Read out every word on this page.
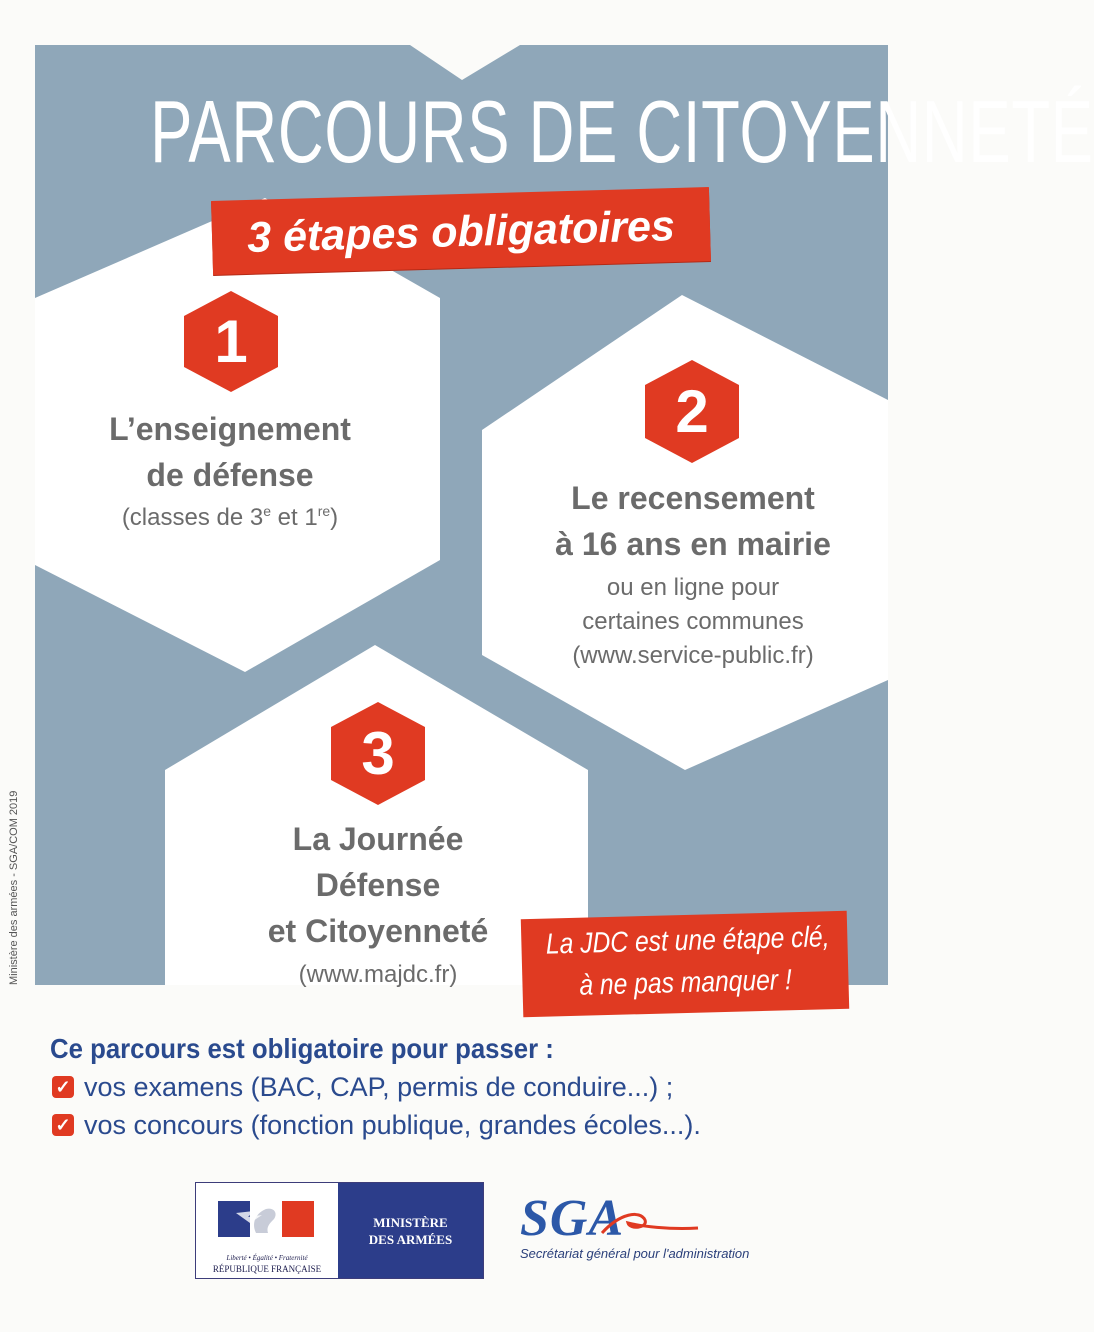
PARCOURS DE CITOYENNETÉ
3 étapes obligatoires
1
L’enseignement
de défense
(classes de 3e et 1re)
2
Le recensement
à 16 ans en mairie
ou en ligne pour
certaines communes
(www.service-public.fr)
3
La Journée
Défense
et Citoyenneté
(www.majdc.fr)
La JDC est une étape clé,
à ne pas manquer !
Ce parcours est obligatoire pour passer :
✓ vos examens (BAC, CAP, permis de conduire...) ;
✓ vos concours (fonction publique, grandes écoles...).
Ministère des armées - SGA/COM 2019
Liberté • Égalité • Fraternité
RÉPUBLIQUE FRANÇAISE
MINISTÈRE
DES ARMÉES	SGA
Secrétariat général pour l'administration
